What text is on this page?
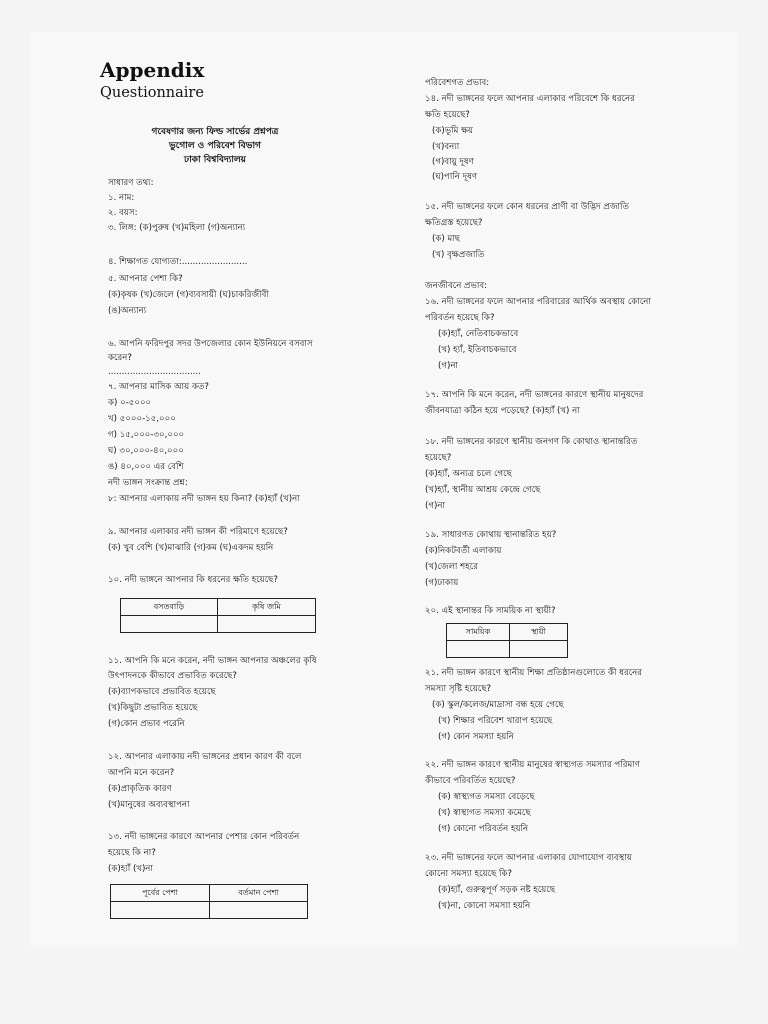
Appendix
Questionnaire
গবেষণার জন্য ফিল্ড সার্ভের প্রশ্নপত্র
ভুগোল ও পরিবেশ বিভাগ
ঢাকা বিশ্ববিদ্যালয়
সাধারণ তথ্য:
১. নাম:
২. বয়স:
৩. লিঙ্গ: (ক)পুরুষ (খ)মহিলা (গ)অন্যান্য
৪. শিক্ষাগত যোগ্যতা:........................
৫. আপনার পেশা কি?
(ক)কৃষক (খ)জেলে (গ)ব্যবসায়ী (ঘ)চাকরিজীবী
(ঙ)অন্যান্য
৬. আপনি ফরিদপুর সদর উপজেলার কোন ইউনিয়নে বসবাস
করেন?
..................................
৭. আপনার মাসিক আয় কত?
ক) ০-৫০০০
খ) ৫০০০-১৫,০০০
গ) ১৫,০০০-৩০,০০০
ঘ) ৩০,০০০-৪০,০০০
ঙ) ৪০,০০০ এর বেশি
নদী ভাঙ্গন সংক্রান্ত প্রশ্ন:
৮: আপনার এলাকায় নদী ভাঙ্গন হয় কিনা? (ক)হ্যাঁ (খ)না
৯. আপনার এলাকার নদী ভাঙ্গন কী পরিমাণে হয়েছে?
(ক) খুব বেশি (খ)মাঝারি (গ)কম (ঘ)একদম হয়নি
১০. নদী ভাঙ্গনে আপনার কি ধরনের ক্ষতি হয়েছে?
বসতবাড়ি	কৃষি জমি

১১. আপনি কি মনে করেন, নদী ভাঙ্গন আপনার অঞ্চলের কৃষি
উৎপাদনকে কীভাবে প্রভাবিত করেছে?
(ক)ব্যাপকভাবে প্রভাবিত হয়েছে
(খ)কিছুটা প্রভাবিত হয়েছে
(গ)কোন প্রভাব পরেনি
১২. আপনার এলাকায় নদী ভাঙ্গনের প্রধান কারণ কী বলে
আপনি মনে করেন?
(ক)প্রাকৃতিক কারণ
(খ)মানুষের অব্যবস্থাপনা
১৩. নদী ভাঙ্গনের কারণে আপনার পেশার কোন পরিবর্তন
হয়েছে কি না?
(ক)হ্যাঁ (খ)না
পূর্বের পেশা	বর্তমান পেশা

পরিবেশগত প্রভাব:
১৪. নদী ভাঙ্গনের ফলে আপনার এলাকার পরিবেশে কি ধরনের
ক্ষতি হয়েছে?
(ক)ভূমি ক্ষয়
(খ)বন্যা
(গ)বায়ু দূষণ
(ঘ)পানি দূষণ
১৫. নদী ভাঙ্গনের ফলে কোন ধরনের প্রাণী বা উদ্ভিদ প্রজাতি
ক্ষতিগ্রস্ত হয়েছে?
(ক) মাছ
(খ) বৃক্ষপ্রজাতি
জনজীবনে প্রভাব:
১৬. নদী ভাঙ্গনের ফলে আপনার পরিবারের আর্থিক অবস্থায় কোনো
পরিবর্তন হয়েছে কি?
(ক)হ্যাঁ, নেতিবাচকভাবে
(খ) হ্যাঁ, ইতিবাচকভাবে
(গ)না
১৭. আপনি কি মনে করেন, নদী ভাঙ্গনের কারণে স্থানীয় মানুষদের
জীবনযাত্রা কঠিন হয়ে পড়েছে? (ক)হ্যাঁ (খ) না
১৮. নদী ভাঙ্গনের কারণে স্থানীয় জনগণ কি কোথাও স্থানান্তরিত
হয়েছে?
(ক)হ্যাঁ, অন্যত্র চলে গেছে
(খ)হ্যাঁ, স্থানীয় আশ্রয় কেন্দ্রে গেছে
(গ)না
১৯. সাধারণত কোথায় স্থানান্তরিত হয়?
(ক)নিকটবর্তী এলাকায়
(খ)জেলা শহরে
(গ)ঢাকায়
২০. এই স্থানান্তর কি সাময়িক না স্থায়ী?
সাময়িক	স্থায়ী

২১. নদী ভাঙ্গন কারণে স্থানীয় শিক্ষা প্রতিষ্ঠানগুলোতে কী ধরনের
সমস্যা সৃষ্টি হয়েছে?
(ক) স্কুল/কলেজ/মাদ্রাসা বন্ধ হয়ে গেছে
(খ) শিক্ষার পরিবেশ খারাপ হয়েছে
(গ) কোন সমস্যা হয়নি
২২. নদী ভাঙ্গন কারণে স্থানীয় মানুষের স্বাস্থ্যগত সমস্যার পরিমাণ
কীভাবে পরিবর্তিত হয়েছে?
(ক) স্বাস্থ্যগত সমস্যা বেড়েছে
(খ) স্বাস্থ্যগত সমস্যা কমেছে
(গ) কোনো পরিবর্তন হয়নি
২৩. নদী ভাঙ্গনের ফলে আপনার এলাকার যোগাযোগ ব্যবস্থায়
কোনো সমস্যা হয়েছে কি?
(ক)হ্যাঁ, গুরুত্বপূর্ণ সড়ক নষ্ট হয়েছে
(খ)না, কোনো সমস্যা হয়নি
